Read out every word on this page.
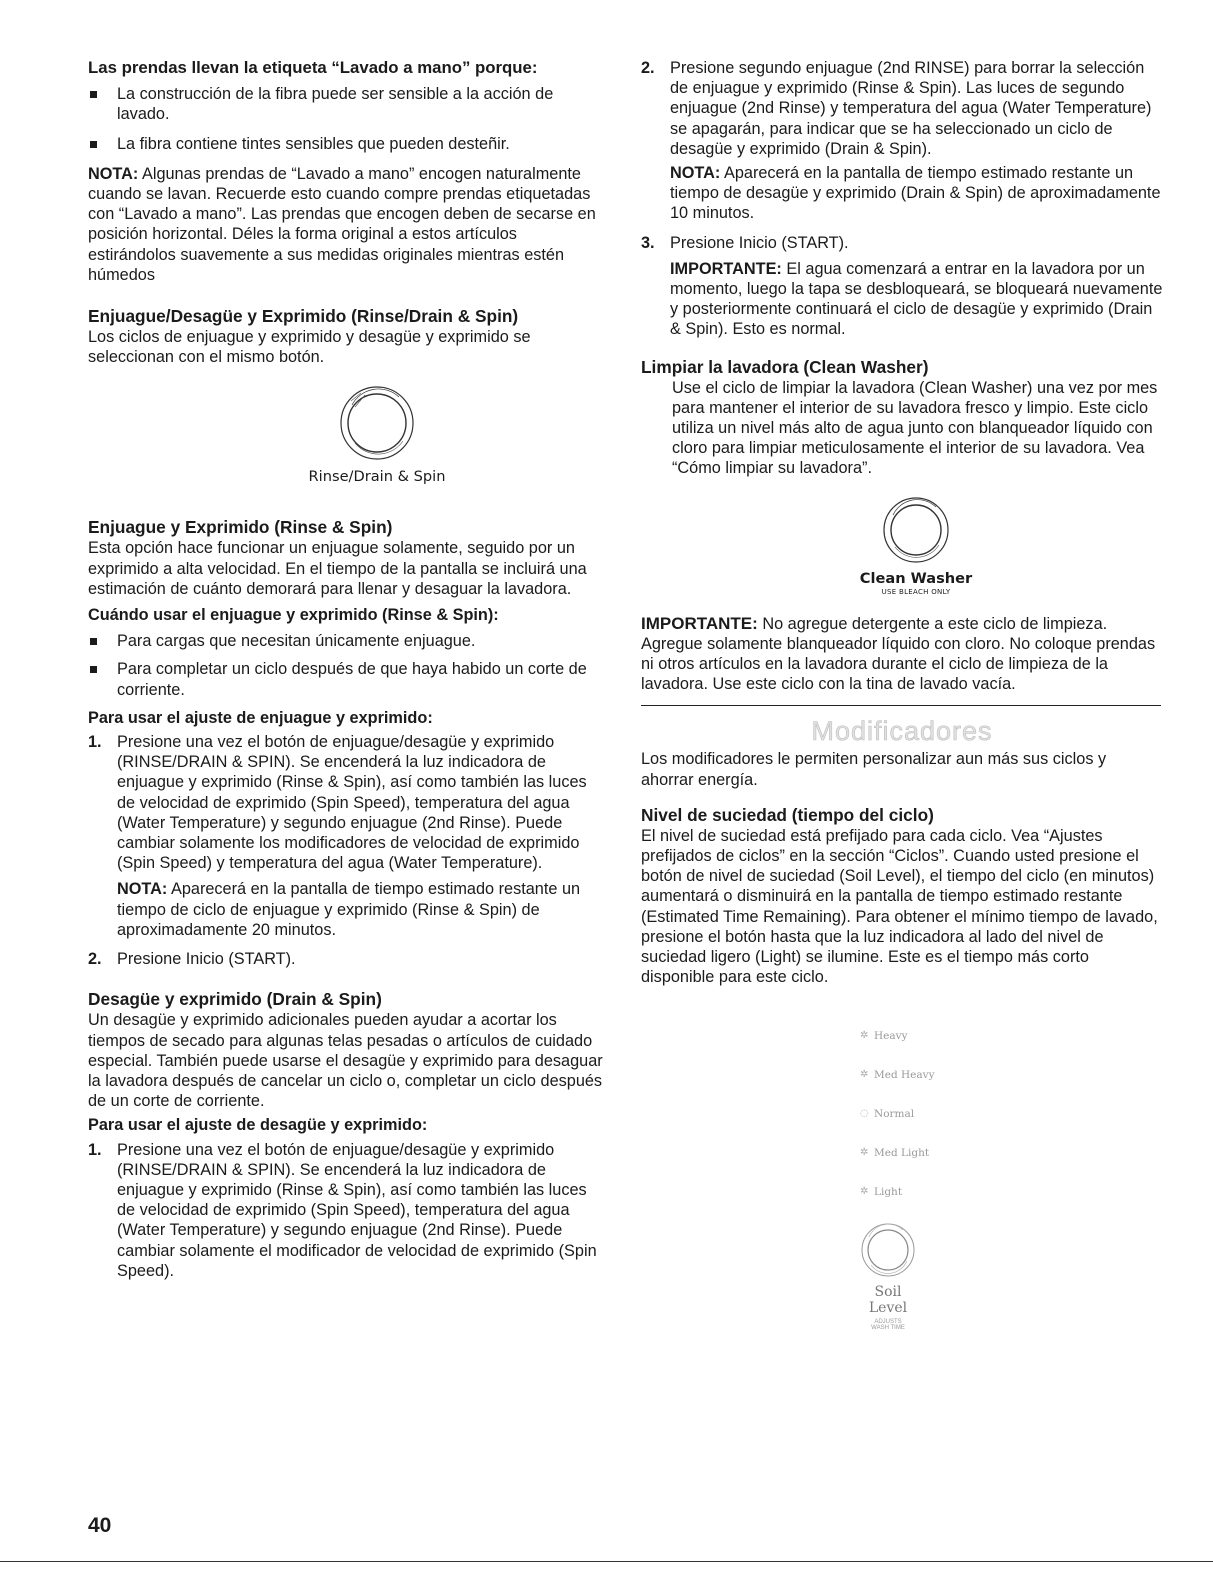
Las prendas llevan la etiqueta “Lavado a mano” porque:

La construcción de la fibra puede ser sensible a la acción de lavado.
La fibra contiene tintes sensibles que pueden desteñir.

NOTA: Algunas prendas de “Lavado a mano” encogen naturalmente cuando se lavan. Recuerde esto cuando compre prendas etiquetadas con “Lavado a mano”. Las prendas que encogen deben de secarse en posición horizontal. Déles la forma original a estos artículos estirándolos suavemente a sus medidas originales mientras estén húmedos

Enjuague/Desagüe y Exprimido (Rinse/Drain & Spin)

Los ciclos de enjuague y exprimido y desagüe y exprimido se seleccionan con el mismo botón.

Rinse/Drain & Spin

Enjuague y Exprimido (Rinse & Spin)

Esta opción hace funcionar un enjuague solamente, seguido por un exprimido a alta velocidad. En el tiempo de la pantalla se incluirá una estimación de cuánto demorará para llenar y desaguar la lavadora.

Cuándo usar el enjuague y exprimido (Rinse & Spin):

Para cargas que necesitan únicamente enjuague.
Para completar un ciclo después de que haya habido un corte de corriente.

Para usar el ajuste de enjuague y exprimido:

1. Presione una vez el botón de enjuague/desagüe y exprimido (RINSE/DRAIN & SPIN). Se encenderá la luz indicadora de enjuague y exprimido (Rinse & Spin), así como también las luces de velocidad de exprimido (Spin Speed), temperatura del agua (Water Temperature) y segundo enjuague (2nd Rinse). Puede cambiar solamente los modificadores de velocidad de exprimido (Spin Speed) y temperatura del agua (Water Temperature).

NOTA: Aparecerá en la pantalla de tiempo estimado restante un tiempo de ciclo de enjuague y exprimido (Rinse & Spin) de aproximadamente 20 minutos.

2. Presione Inicio (START).

Desagüe y exprimido (Drain & Spin)

Un desagüe y exprimido adicionales pueden ayudar a acortar los tiempos de secado para algunas telas pesadas o artículos de cuidado especial. También puede usarse el desagüe y exprimido para desaguar la lavadora después de cancelar un ciclo o, completar un ciclo después de un corte de corriente.

Para usar el ajuste de desagüe y exprimido:

1. Presione una vez el botón de enjuague/desagüe y exprimido (RINSE/DRAIN & SPIN). Se encenderá la luz indicadora de enjuague y exprimido (Rinse & Spin), así como también las luces de velocidad de exprimido (Spin Speed), temperatura del agua (Water Temperature) y segundo enjuague (2nd Rinse). Puede cambiar solamente el modificador de velocidad de exprimido (Spin Speed).
2. Presione segundo enjuague (2nd RINSE) para borrar la selección de enjuague y exprimido (Rinse & Spin). Las luces de segundo enjuague (2nd Rinse) y temperatura del agua (Water Temperature) se apagarán, para indicar que se ha seleccionado un ciclo de desagüe y exprimido (Drain & Spin).

NOTA: Aparecerá en la pantalla de tiempo estimado restante un tiempo de desagüe y exprimido (Drain & Spin) de aproximadamente 10 minutos.

3. Presione Inicio (START).

IMPORTANTE: El agua comenzará a entrar en la lavadora por un momento, luego la tapa se desbloqueará, se bloqueará nuevamente y posteriormente continuará el ciclo de desagüe y exprimido (Drain & Spin). Esto es normal.

Limpiar la lavadora (Clean Washer)

Use el ciclo de limpiar la lavadora (Clean Washer) una vez por mes para mantener el interior de su lavadora fresco y limpio. Este ciclo utiliza un nivel más alto de agua junto con blanqueador líquido con cloro para limpiar meticulosamente el interior de su lavadora. Vea “Cómo limpiar su lavadora”.
Clean Washer
USE BLEACH ONLY

IMPORTANTE: No agregue detergente a este ciclo de limpieza. Agregue solamente blanqueador líquido con cloro. No coloque prendas ni otros artículos en la lavadora durante el ciclo de limpieza de la lavadora. Use este ciclo con la tina de lavado vacía.

Modificadores

Los modificadores le permiten personalizar aun más sus ciclos y ahorrar energía.

Nivel de suciedad (tiempo del ciclo)

El nivel de suciedad está prefijado para cada ciclo. Vea “Ajustes prefijados de ciclos” en la sección “Ciclos”. Cuando usted presione el botón de nivel de suciedad (Soil Level), el tiempo del ciclo (en minutos) aumentará o disminuirá en la pantalla de tiempo estimado restante (Estimated Time Remaining). Para obtener el mínimo tiempo de lavado, presione el botón hasta que la luz indicadora al lado del nivel de suciedad ligero (Light) se ilumine. Este es el tiempo más corto disponible para este ciclo.

✲ Heavy
✲ Med Heavy
◌ Normal
✲ Med Light
✲ Light
Soil
Level
ADJUSTS
WASH TIME
40
